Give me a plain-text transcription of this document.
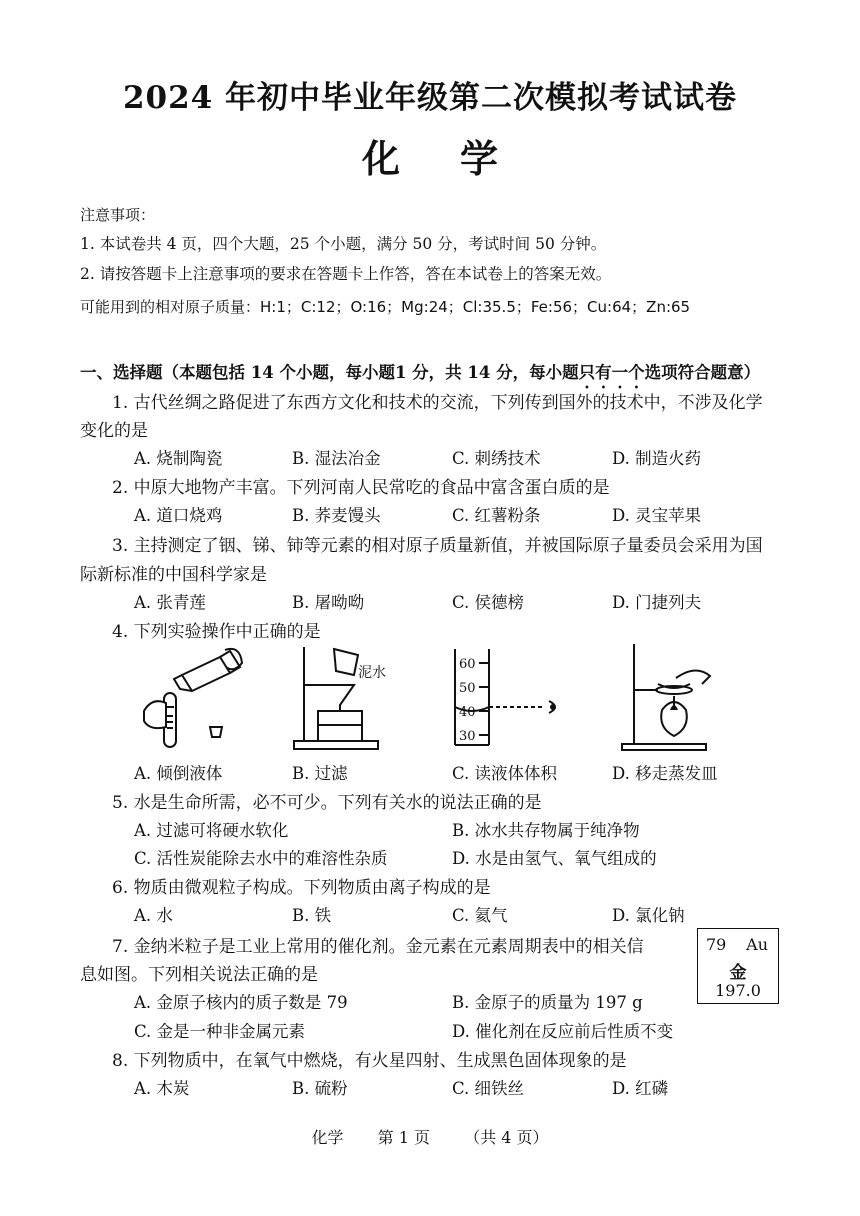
2024 年初中毕业年级第二次模拟考试试卷
化学
注意事项：
1. 本试卷共 4 页，四个大题，25 个小题，满分 50 分，考试时间 50 分钟。
2. 请按答题卡上注意事项的要求在答题卡上作答，答在本试卷上的答案无效。
可能用到的相对原子质量：H:1；C:12；O:16；Mg:24；Cl:35.5；Fe:56；Cu:64；Zn:65
一、选择题（本题包括 14 个小题，每小题1 分，共 14 分，每小题只有一个选项符合题意）
1. 古代丝绸之路促进了东西方文化和技术的交流，下列传到国外的技术中，不涉及化学
变化的是
A. 烧制陶瓷	B. 湿法冶金	C. 刺绣技术	D. 制造火药
2. 中原大地物产丰富。下列河南人民常吃的食品中富含蛋白质的是
A. 道口烧鸡	B. 荞麦馒头	C. 红薯粉条	D. 灵宝苹果
3. 主持测定了铟、锑、铈等元素的相对原子质量新值，并被国际原子量委员会采用为国
际新标准的中国科学家是
A. 张青莲	B. 屠呦呦	C. 侯德榜	D. 门捷列夫
4. 下列实验操作中正确的是
泥水
60
50
40
30
A. 倾倒液体	B. 过滤	C. 读液体体积	D. 移走蒸发皿
5. 水是生命所需，必不可少。下列有关水的说法正确的是
A. 过滤可将硬水软化	B. 冰水共存物属于纯净物
C. 活性炭能除去水中的难溶性杂质	D. 水是由氢气、氧气组成的
6. 物质由微观粒子构成。下列物质由离子构成的是
A. 水	B. 铁	C. 氦气	D. 氯化钠
7. 金纳米粒子是工业上常用的催化剂。金元素在元素周期表中的相关信
息如图。下列相关说法正确的是
A. 金原子核内的质子数是 79	B. 金原子的质量为 197 g
C. 金是一种非金属元素	D. 催化剂在反应前后性质不变
79 Au
金
197.0
8. 下列物质中，在氧气中燃烧，有火星四射、生成黑色固体现象的是
A. 木炭	B. 硫粉	C. 细铁丝	D. 红磷
化学 第 1 页 （共 4 页）
